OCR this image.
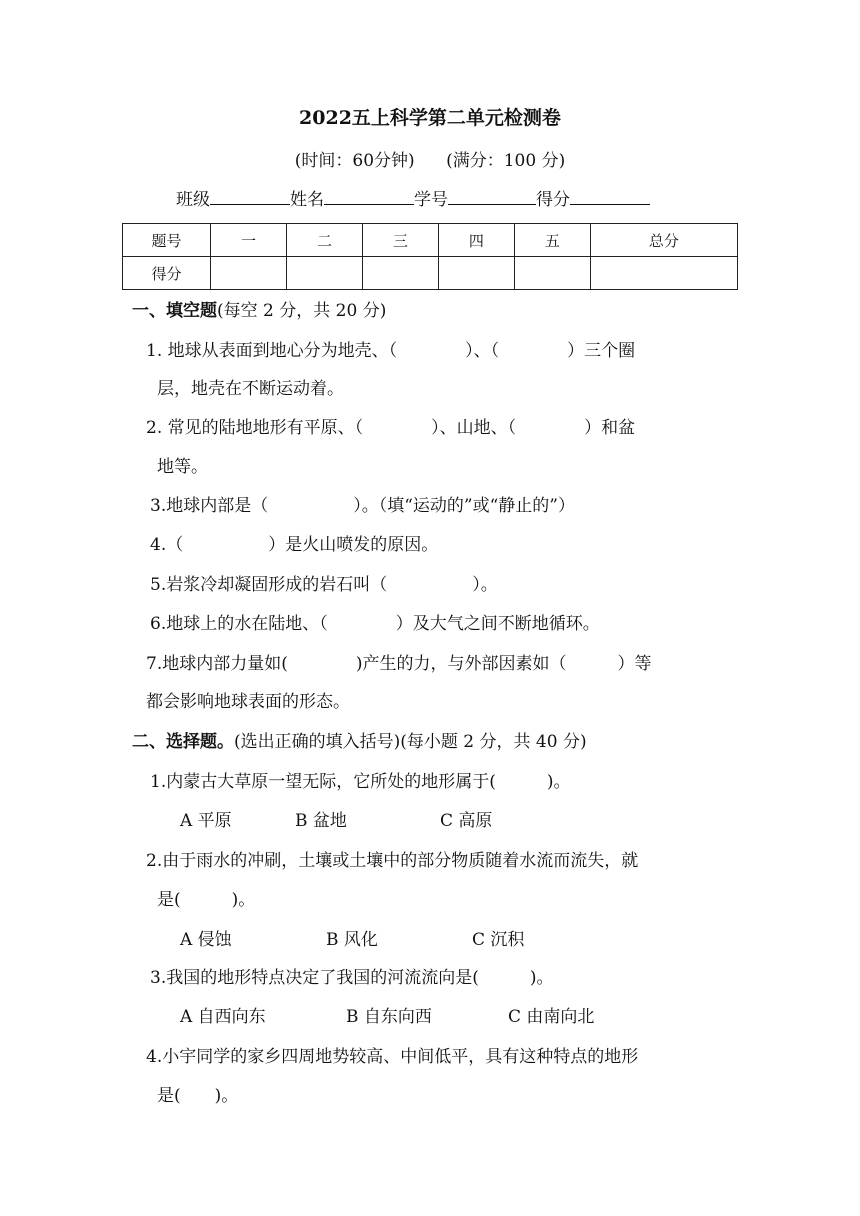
2022五上科学第二单元检测卷
(时间：60分钟) (满分：100 分)
班级	姓名	学号	得分
题号	一	二	三	四	五	总分
得分						
一、填空题(每空 2 分，共 20 分)
1. 地球从表面到地心分为地壳、（　　　　）、（　　　　）三个圈
层，地壳在不断运动着。
2. 常见的陆地地形有平原、（　　　　）、山地、（　　　　）和盆
地等。
3.地球内部是（　　　　　）。（填“运动的”或“静止的”）
4.（　　　　　）是火山喷发的原因。
5.岩浆冷却凝固形成的岩石叫（　　　　　）。
6.地球上的水在陆地、（　　　　）及大气之间不断地循环。
7.地球内部力量如(　　　　)产生的力，与外部因素如（　　　）等
都会影响地球表面的形态。
二、选择题。(选出正确的填入括号)(每小题 2 分，共 40 分)
1.内蒙古大草原一望无际，它所处的地形属于(　　　)。
A 平原	B 盆地	C 高原
2.由于雨水的冲刷，土壤或土壤中的部分物质随着水流而流失，就
是(　　　)。
A 侵蚀	B 风化	C 沉积
3.我国的地形特点决定了我国的河流流向是(　　　)。
A 自西向东	B 自东向西	C 由南向北
4.小宇同学的家乡四周地势较高、中间低平，具有这种特点的地形
是(　　)。
